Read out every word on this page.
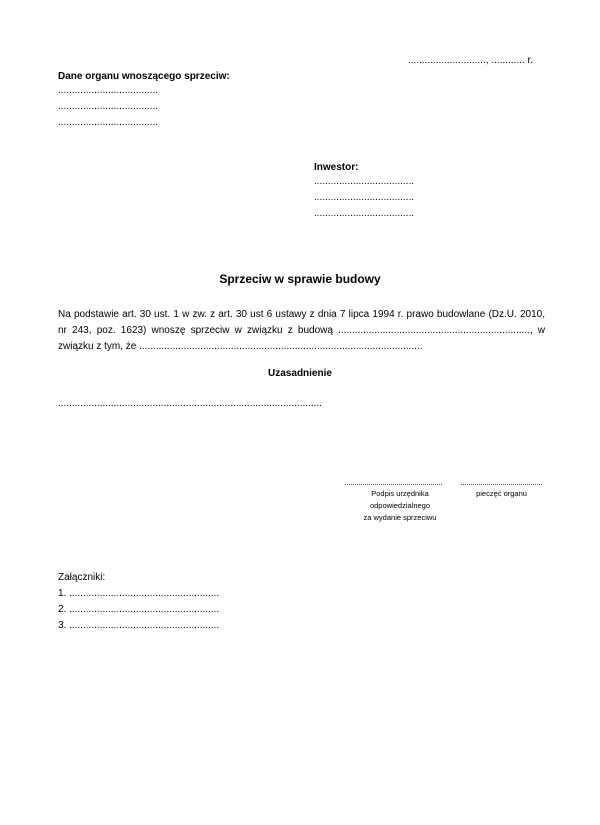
............................, ............ r.
Dane organu wnoszącego sprzeciw:
....................................
....................................
....................................
Inwestor:
....................................
....................................
....................................
Sprzeciw w sprawie budowy
Na podstawie art. 30 ust. 1 w zw. z art. 30 ust 6 ustawy z dnia 7 lipca 1994 r. prawo budowlane (Dz.U. 2010,
nr 243, poz. 1623) wnoszę sprzeciw w związku z budową ....................................................................., w
związku z tym, że ......................................................................................................
Uzasadnienie
...............................................................................................
Podpis urzędnika
odpowiedzialnego
za wydanie sprzeciwu
pieczęć organu
Załączniki:
1. ......................................................
2. ......................................................
3. ......................................................
